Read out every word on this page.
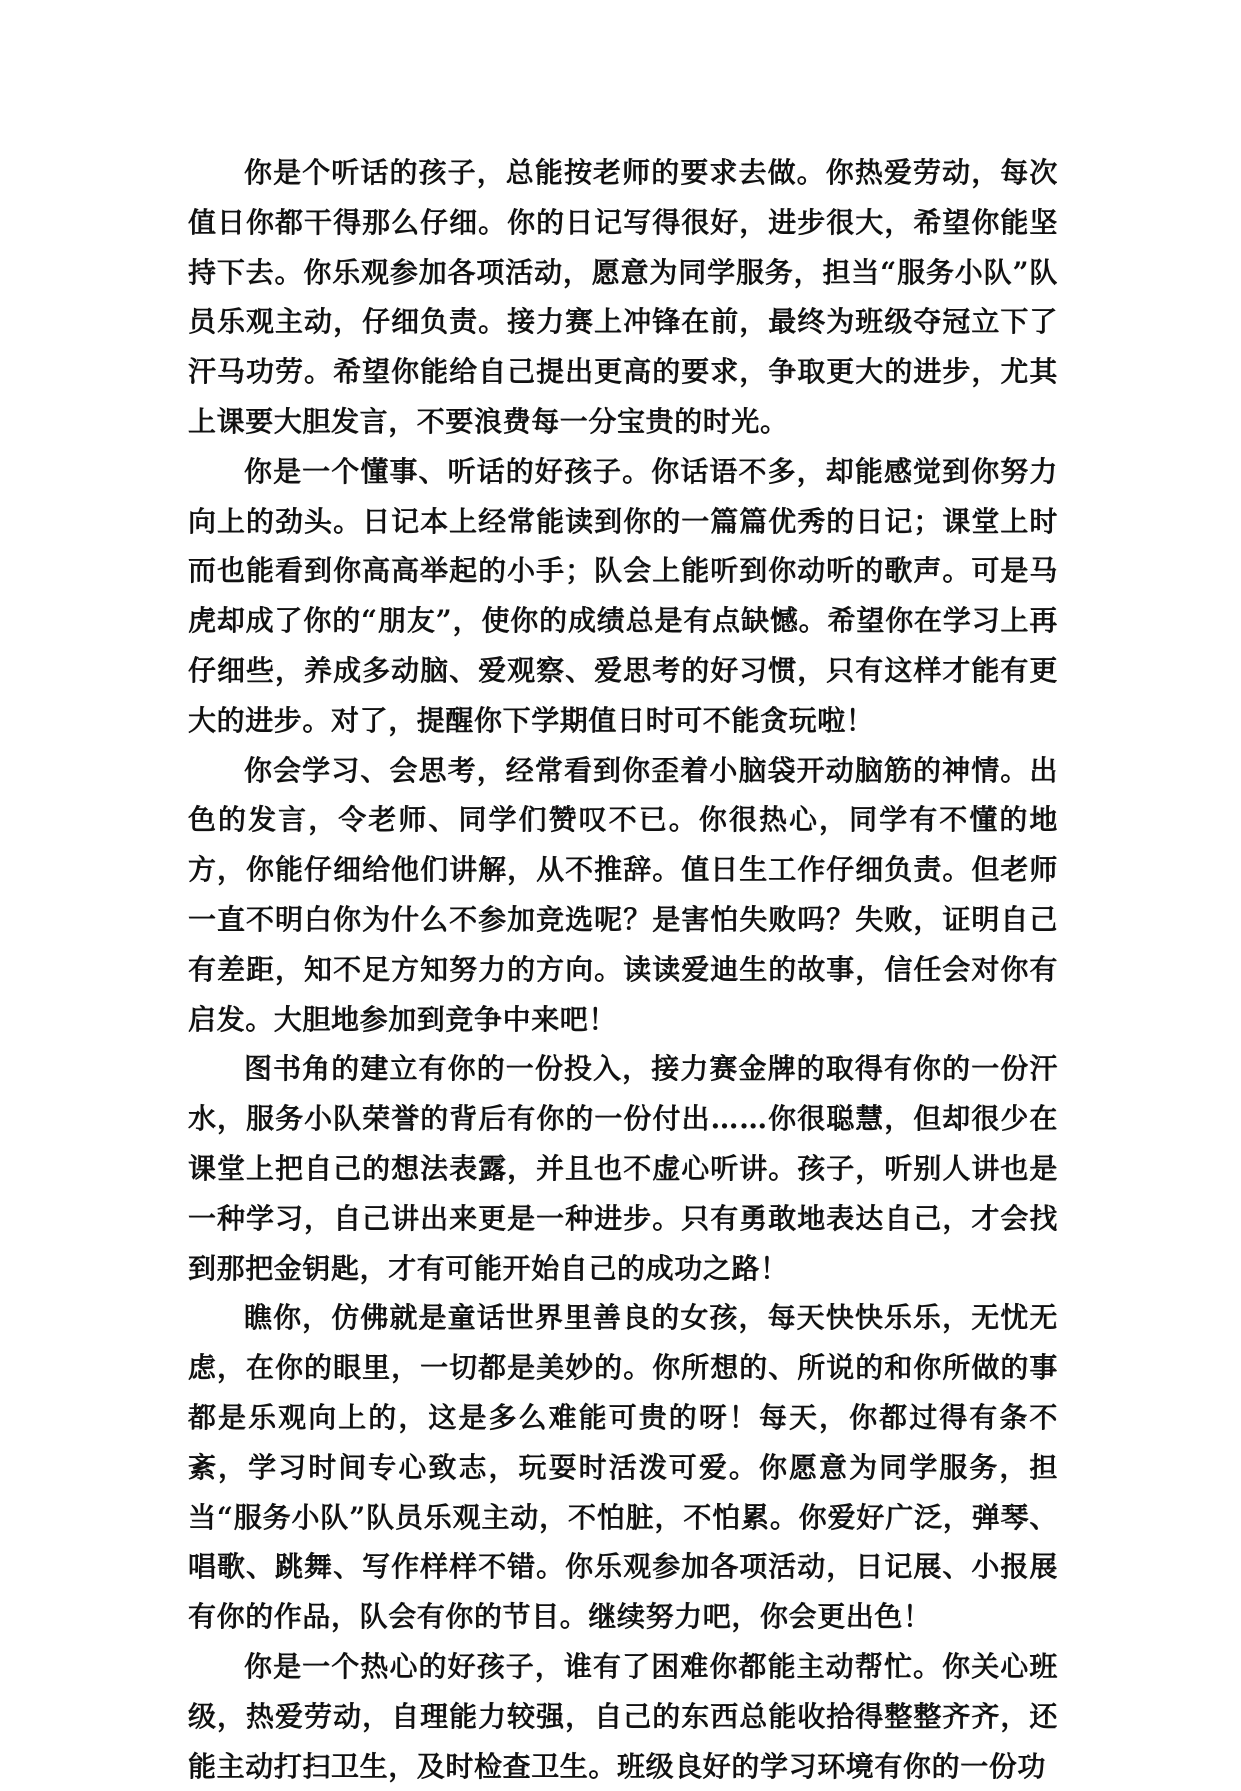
你是个听话的孩子，总能按老师的要求去做。你热爱劳动，每次值日你都干得那么仔细。你的日记写得很好，进步很大，希望你能坚持下去。你乐观参加各项活动，愿意为同学服务，担当“服务小队”队员乐观主动，仔细负责。接力赛上冲锋在前，最终为班级夺冠立下了汗马功劳。希望你能给自己提出更高的要求，争取更大的进步，尤其上课要大胆发言，不要浪费每一分宝贵的时光。

你是一个懂事、听话的好孩子。你话语不多，却能感觉到你努力向上的劲头。日记本上经常能读到你的一篇篇优秀的日记；课堂上时而也能看到你高高举起的小手；队会上能听到你动听的歌声。可是马虎却成了你的“朋友”，使你的成绩总是有点缺憾。希望你在学习上再仔细些，养成多动脑、爱观察、爱思考的好习惯，只有这样才能有更大的进步。对了，提醒你下学期值日时可不能贪玩啦！

你会学习、会思考，经常看到你歪着小脑袋开动脑筋的神情。出色的发言，令老师、同学们赞叹不已。你很热心，同学有不懂的地方，你能仔细给他们讲解，从不推辞。值日生工作仔细负责。但老师一直不明白你为什么不参加竞选呢？是害怕失败吗？失败，证明自己有差距，知不足方知努力的方向。读读爱迪生的故事，信任会对你有启发。大胆地参加到竞争中来吧！

图书角的建立有你的一份投入，接力赛金牌的取得有你的一份汗水，服务小队荣誉的背后有你的一份付出……你很聪慧，但却很少在课堂上把自己的想法表露，并且也不虚心听讲。孩子，听别人讲也是一种学习，自己讲出来更是一种进步。只有勇敢地表达自己，才会找到那把金钥匙，才有可能开始自己的成功之路！

瞧你，仿佛就是童话世界里善良的女孩，每天快快乐乐，无忧无虑，在你的眼里，一切都是美妙的。你所想的、所说的和你所做的事都是乐观向上的，这是多么难能可贵的呀！每天，你都过得有条不紊，学习时间专心致志，玩耍时活泼可爱。你愿意为同学服务，担当“服务小队”队员乐观主动，不怕脏，不怕累。你爱好广泛，弹琴、唱歌、跳舞、写作样样不错。你乐观参加各项活动，日记展、小报展有你的作品，队会有你的节目。继续努力吧，你会更出色！

你是一个热心的好孩子，谁有了困难你都能主动帮忙。你关心班级，热爱劳动，自理能力较强，自己的东西总能收拾得整整齐齐，还能主动打扫卫生，及时检查卫生。班级良好的学习环境有你的一份功
